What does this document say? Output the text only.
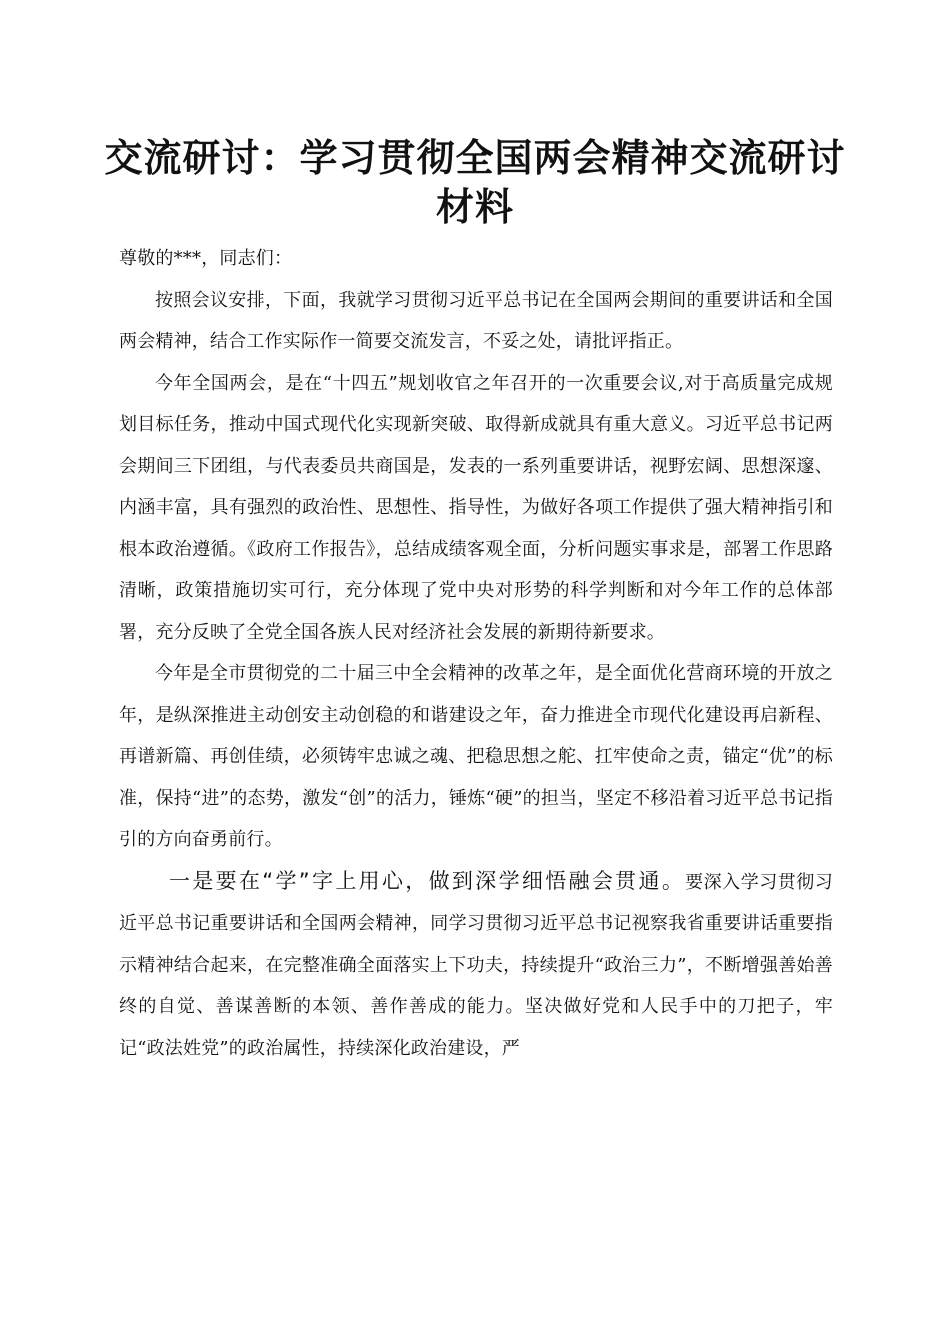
交流研讨：学习贯彻全国两会精神交流研讨材料

尊敬的***，同志们：

按照会议安排，下面，我就学习贯彻习近平总书记在全国两会期间的重要讲话和全国两会精神，结合工作实际作一简要交流发言，不妥之处，请批评指正。

今年全国两会，是在“十四五”规划收官之年召开的一次重要会议,对于高质量完成规划目标任务，推动中国式现代化实现新突破、取得新成就具有重大意义。习近平总书记两会期间三下团组，与代表委员共商国是，发表的一系列重要讲话，视野宏阔、思想深邃、内涵丰富，具有强烈的政治性、思想性、指导性，为做好各项工作提供了强大精神指引和根本政治遵循。《政府工作报告》，总结成绩客观全面，分析问题实事求是，部署工作思路清晰，政策措施切实可行，充分体现了党中央对形势的科学判断和对今年工作的总体部署，充分反映了全党全国各族人民对经济社会发展的新期待新要求。

今年是全市贯彻党的二十届三中全会精神的改革之年，是全面优化营商环境的开放之年，是纵深推进主动创安主动创稳的和谐建设之年，奋力推进全市现代化建设再启新程、再谱新篇、再创佳绩，必须铸牢忠诚之魂、把稳思想之舵、扛牢使命之责，锚定“优”的标准，保持“进”的态势，激发“创”的活力，锤炼“硬”的担当，坚定不移沿着习近平总书记指引的方向奋勇前行。

一是要在“学”字上用心，做到深学细悟融会贯通。要深入学习贯彻习近平总书记重要讲话和全国两会精神，同学习贯彻习近平总书记视察我省重要讲话重要指示精神结合起来，在完整准确全面落实上下功夫，持续提升“政治三力”，不断增强善始善终的自觉、善谋善断的本领、善作善成的能力。坚决做好党和人民手中的刀把子，牢记“政法姓党”的政治属性，持续深化政治建设，严
